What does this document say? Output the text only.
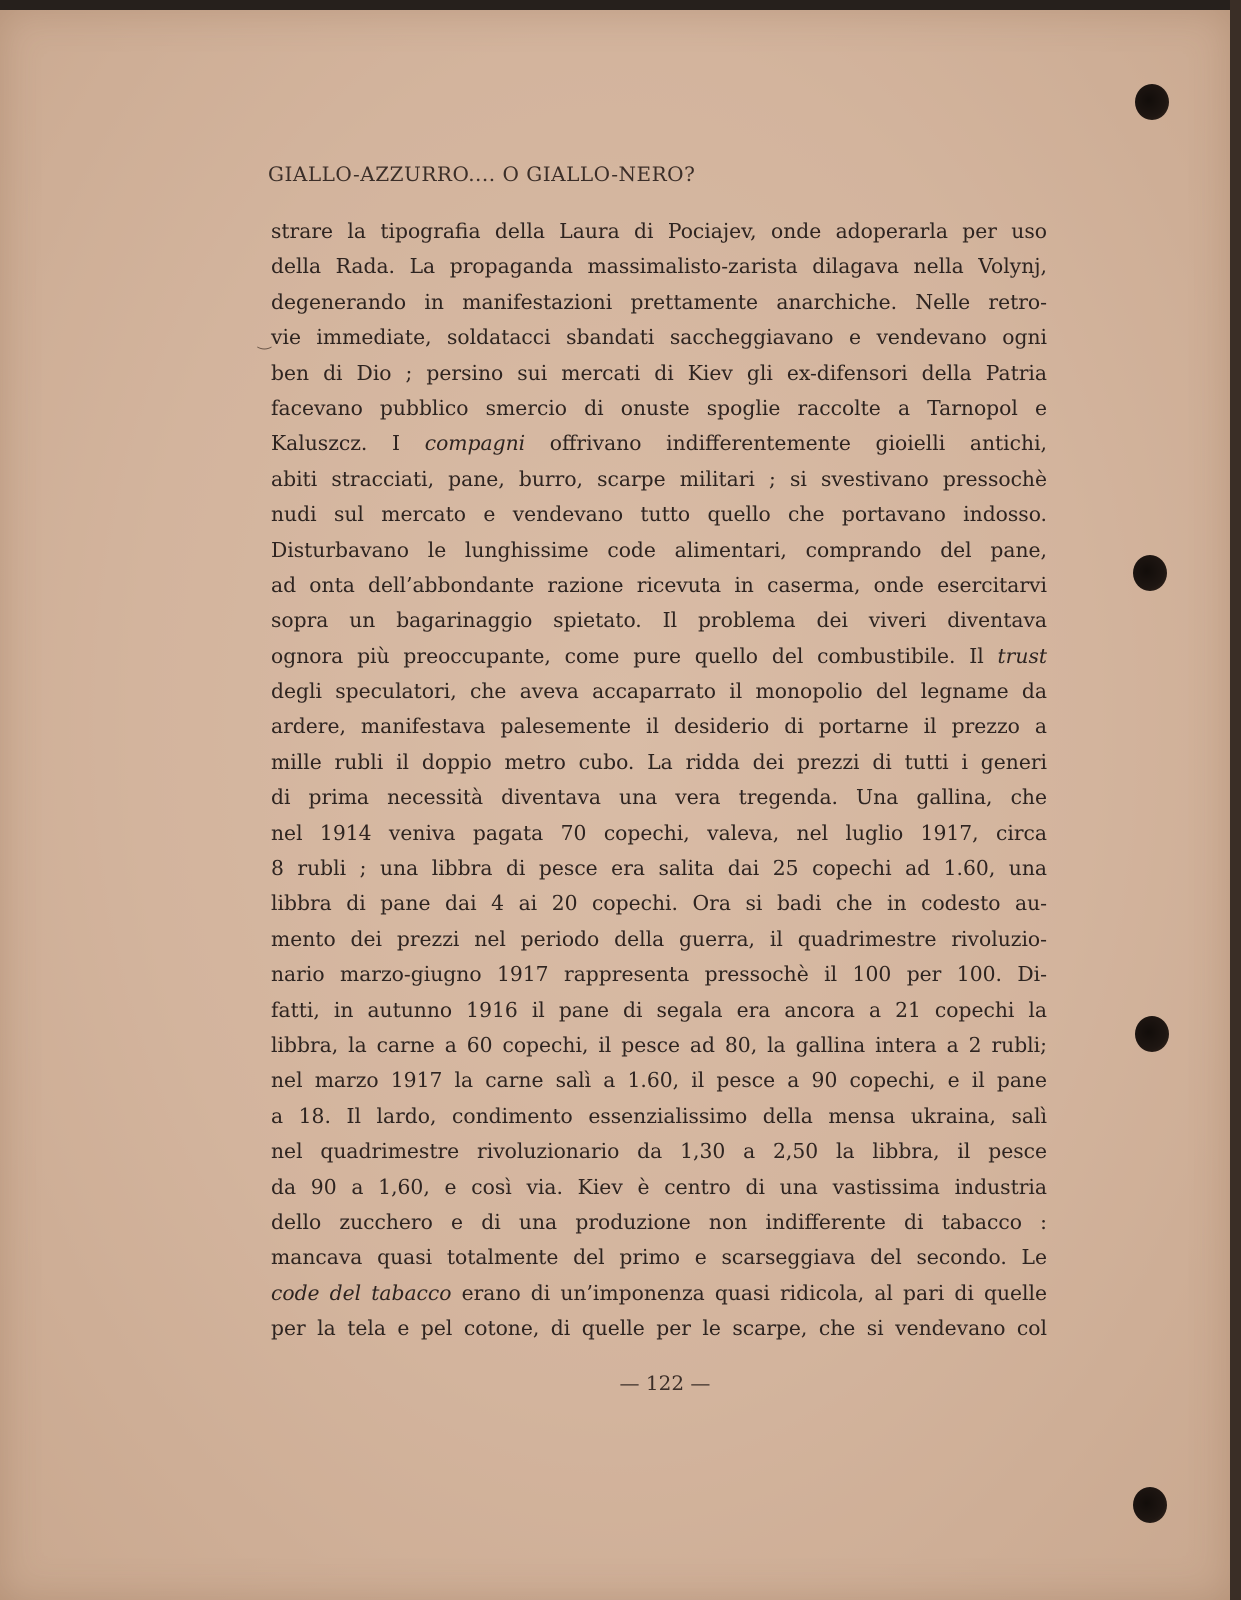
‿
GIALLO-AZZURRO.... O GIALLO-NERO?
strare la tipografia della Laura di Pociajev, onde adoperarla per uso
della Rada. La propaganda massimalisto-zarista dilagava nella Volynj,
degenerando in manifestazioni prettamente anarchiche. Nelle retro-
vie immediate, soldatacci sbandati saccheggiavano e vendevano ogni
ben di Dio ; persino sui mercati di Kiev gli ex-difensori della Patria
facevano pubblico smercio di onuste spoglie raccolte a Tarnopol e
Kaluszcz. I compagni offrivano indifferentemente gioielli antichi,
abiti stracciati, pane, burro, scarpe militari ; si svestivano pressochè
nudi sul mercato e vendevano tutto quello che portavano indosso.
Disturbavano le lunghissime code alimentari, comprando del pane,
ad onta dell’abbondante razione ricevuta in caserma, onde esercitarvi
sopra un bagarinaggio spietato. Il problema dei viveri diventava
ognora più preoccupante, come pure quello del combustibile. Il trust
degli speculatori, che aveva accaparrato il monopolio del legname da
ardere, manifestava palesemente il desiderio di portarne il prezzo a
mille rubli il doppio metro cubo. La ridda dei prezzi di tutti i generi
di prima necessità diventava una vera tregenda. Una gallina, che
nel 1914 veniva pagata 70 copechi, valeva, nel luglio 1917, circa
8 rubli ; una libbra di pesce era salita dai 25 copechi ad 1.60, una
libbra di pane dai 4 ai 20 copechi. Ora si badi che in codesto au-
mento dei prezzi nel periodo della guerra, il quadrimestre rivoluzio-
nario marzo-giugno 1917 rappresenta pressochè il 100 per 100. Di-
fatti, in autunno 1916 il pane di segala era ancora a 21 copechi la
libbra, la carne a 60 copechi, il pesce ad 80, la gallina intera a 2 rubli;
nel marzo 1917 la carne salì a 1.60, il pesce a 90 copechi, e il pane
a 18. Il lardo, condimento essenzialissimo della mensa ukraina, salì
nel quadrimestre rivoluzionario da 1,30 a 2,50 la libbra, il pesce
da 90 a 1,60, e così via. Kiev è centro di una vastissima industria
dello zucchero e di una produzione non indifferente di tabacco :
mancava quasi totalmente del primo e scarseggiava del secondo. Le
code del tabacco erano di un’imponenza quasi ridicola, al pari di quelle
per la tela e pel cotone, di quelle per le scarpe, che si vendevano col
— 122 —
